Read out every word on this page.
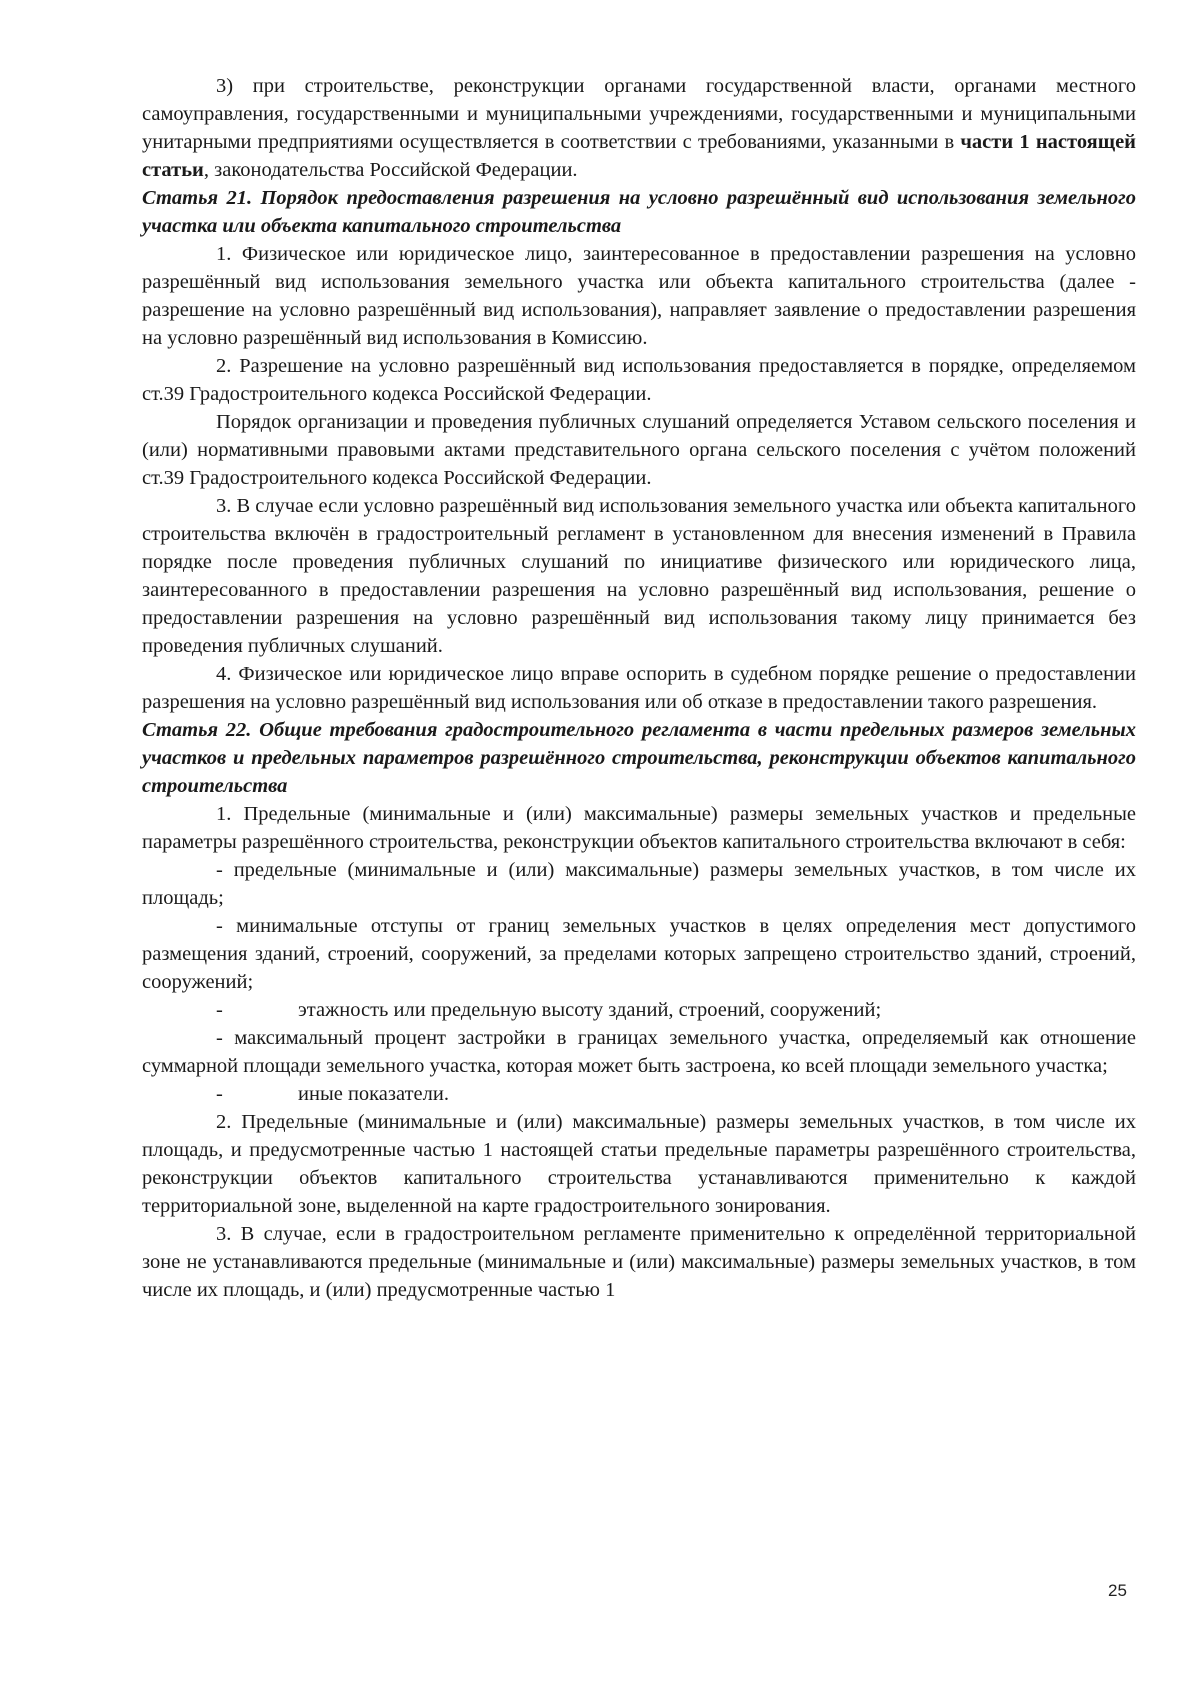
3) при строительстве, реконструкции органами государственной власти, органами местного самоуправления, государственными и муниципальными учреждениями, государственными и муниципальными унитарными предприятиями осуществляется в соответствии с требованиями, указанными в части 1 настоящей статьи, законодательства Российской Федерации.

Статья 21. Порядок предоставления разрешения на условно разрешённый вид использования земельного участка или объекта капитального строительства

1. Физическое или юридическое лицо, заинтересованное в предоставлении разрешения на условно разрешённый вид использования земельного участка или объекта капитального строительства (далее - разрешение на условно разрешённый вид использования), направляет заявление о предоставлении разрешения на условно разрешённый вид использования в Комиссию.

2. Разрешение на условно разрешённый вид использования предоставляется в порядке, определяемом ст.39 Градостроительного кодекса Российской Федерации.

Порядок организации и проведения публичных слушаний определяется Уставом сельского поселения и (или) нормативными правовыми актами представительного органа сельского поселения с учётом положений ст.39 Градостроительного кодекса Российской Федерации.

3. В случае если условно разрешённый вид использования земельного участка или объекта капитального строительства включён в градостроительный регламент в установленном для внесения изменений в Правила порядке после проведения публичных слушаний по инициативе физического или юридического лица, заинтересованного в предоставлении разрешения на условно разрешённый вид использования, решение о предоставлении разрешения на условно разрешённый вид использования такому лицу принимается без проведения публичных слушаний.

4. Физическое или юридическое лицо вправе оспорить в судебном порядке решение о предоставлении разрешения на условно разрешённый вид использования или об отказе в предоставлении такого разрешения.

Статья 22. Общие требования градостроительного регламента в части предельных размеров земельных участков и предельных параметров разрешённого строительства, реконструкции объектов капитального строительства

1. Предельные (минимальные и (или) максимальные) размеры земельных участков и предельные параметры разрешённого строительства, реконструкции объектов капитального строительства включают в себя:

- предельные (минимальные и (или) максимальные) размеры земельных участков, в том числе их площадь;

- минимальные отступы от границ земельных участков в целях определения мест допустимого размещения зданий, строений, сооружений, за пределами которых запрещено строительство зданий, строений, сооружений;

-	этажность или предельную высоту зданий, строений, сооружений;

- максимальный процент застройки в границах земельного участка, определяемый как отношение суммарной площади земельного участка, которая может быть застроена, ко всей площади земельного участка;

-	иные показатели.

2. Предельные (минимальные и (или) максимальные) размеры земельных участков, в том числе их площадь, и предусмотренные частью 1 настоящей статьи предельные параметры разрешённого строительства, реконструкции объектов капитального строительства устанавливаются применительно к каждой территориальной зоне, выделенной на карте градостроительного зонирования.

3. В случае, если в градостроительном регламенте применительно к определённой территориальной зоне не устанавливаются предельные (минимальные и (или) максимальные) размеры земельных участков, в том числе их площадь, и (или) предусмотренные частью 1

25
